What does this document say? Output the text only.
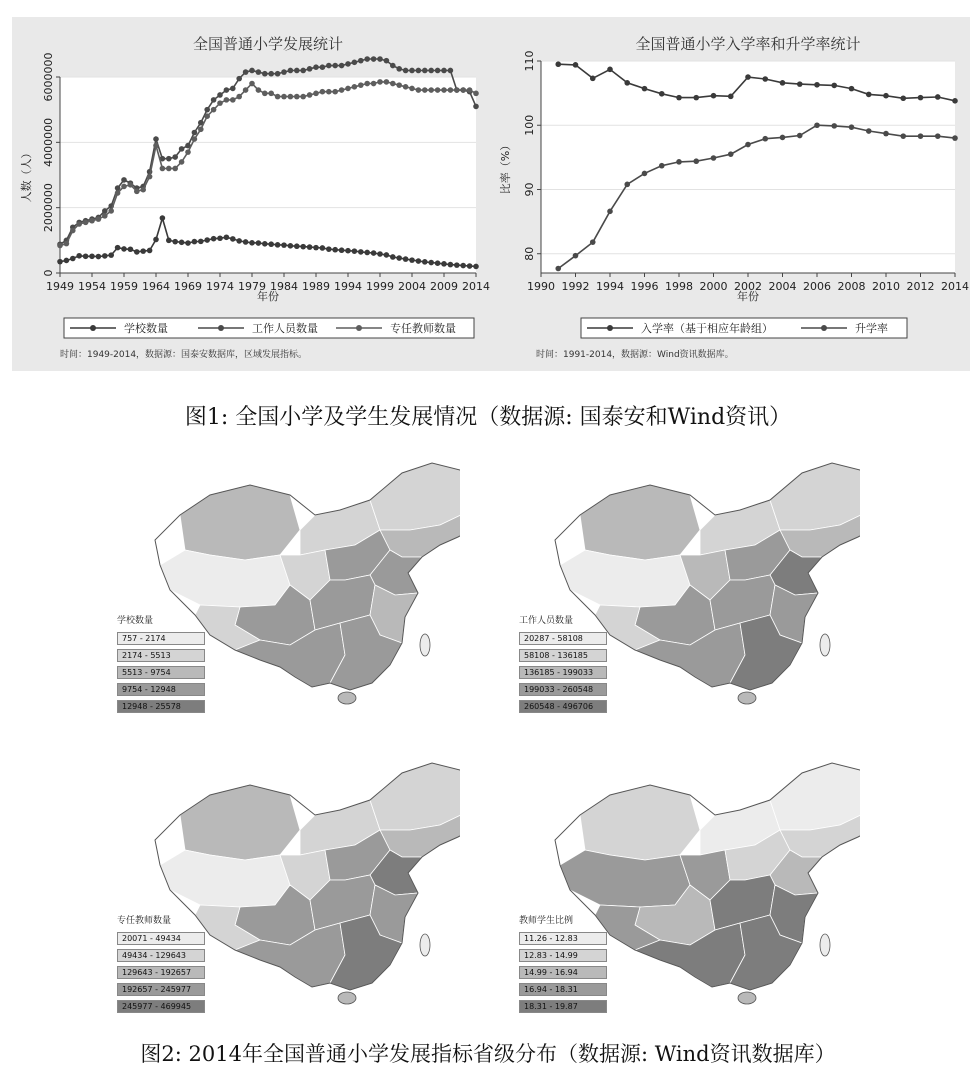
全国普通小学发展统计
0
2000000
4000000
6000000
1949 1954 1959 1964 1969 1974 1979 1984 1989 1994 1999 2004 2009 2014
年份
人数（人）
学校数量	工作人员数量	专任教师数量
时间：1949-2014，数据源：国泰安数据库，区域发展指标。
全国普通小学入学率和升学率统计
80
90
100
110
1990 1992 1994 1996 1998 2000 2002 2004 2006 2008 2010 2012 2014
年份
比率（%）
入学率（基于相应年龄组）	升学率
时间：1991-2014，数据源：Wind资讯数据库。
图1: 全国小学及学生发展情况（数据源: 国泰安和Wind资讯）
学校数量
757 - 2174
2174 - 5513
5513 - 9754
9754 - 12948
12948 - 25578
工作人员数量
20287 - 58108
58108 - 136185
136185 - 199033
199033 - 260548
260548 - 496706
专任教师数量
20071 - 49434
49434 - 129643
129643 - 192657
192657 - 245977
245977 - 469945
教师学生比例
11.26 - 12.83
12.83 - 14.99
14.99 - 16.94
16.94 - 18.31
18.31 - 19.87
图2: 2014年全国普通小学发展指标省级分布（数据源: Wind资讯数据库）
